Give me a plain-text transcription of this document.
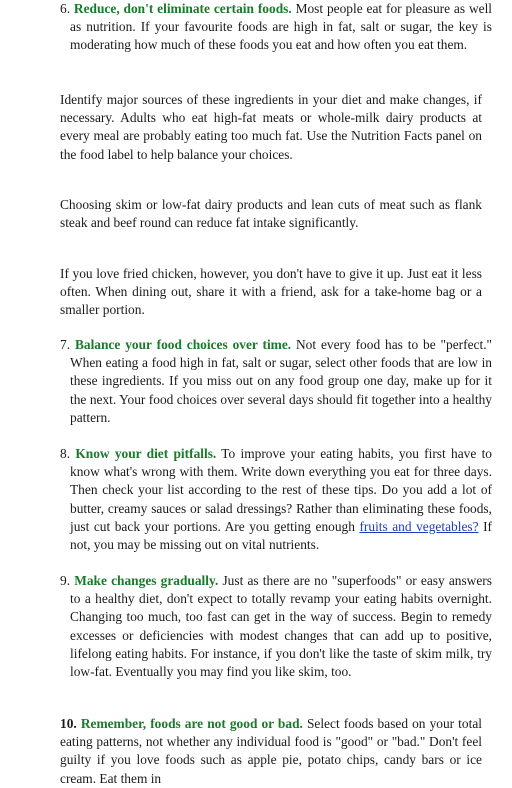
6. Reduce, don't eliminate certain foods. Most people eat for pleasure as well as nutrition. If your favourite foods are high in fat, salt or sugar, the key is moderating how much of these foods you eat and how often you eat them.
Identify major sources of these ingredients in your diet and make changes, if necessary. Adults who eat high-fat meats or whole-milk dairy products at every meal are probably eating too much fat. Use the Nutrition Facts panel on the food label to help balance your choices.
Choosing skim or low-fat dairy products and lean cuts of meat such as flank steak and beef round can reduce fat intake significantly.
If you love fried chicken, however, you don't have to give it up. Just eat it less often. When dining out, share it with a friend, ask for a take-home bag or a smaller portion.
7. Balance your food choices over time. Not every food has to be "perfect." When eating a food high in fat, salt or sugar, select other foods that are low in these ingredients. If you miss out on any food group one day, make up for it the next. Your food choices over several days should fit together into a healthy pattern.
8. Know your diet pitfalls. To improve your eating habits, you first have to know what's wrong with them. Write down everything you eat for three days. Then check your list according to the rest of these tips. Do you add a lot of butter, creamy sauces or salad dressings? Rather than eliminating these foods, just cut back your portions. Are you getting enough fruits and vegetables? If not, you may be missing out on vital nutrients.
9. Make changes gradually. Just as there are no "superfoods" or easy answers to a healthy diet, don't expect to totally revamp your eating habits overnight. Changing too much, too fast can get in the way of success. Begin to remedy excesses or deficiencies with modest changes that can add up to positive, lifelong eating habits. For instance, if you don't like the taste of skim milk, try low-fat. Eventually you may find you like skim, too.
10. Remember, foods are not good or bad. Select foods based on your total eating patterns, not whether any individual food is "good" or "bad." Don't feel guilty if you love foods such as apple pie, potato chips, candy bars or ice cream. Eat them in
